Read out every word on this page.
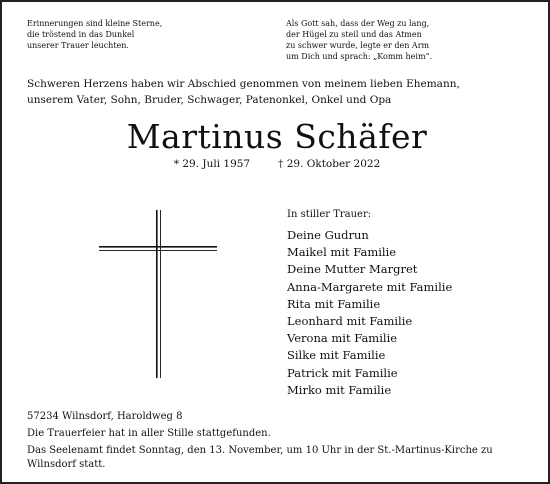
Erinnerungen sind kleine Sterne,
die tröstend in das Dunkel
unserer Trauer leuchten.
Als Gott sah, dass der Weg zu lang,
der Hügel zu steil und das Atmen
zu schwer wurde, legte er den Arm
um Dich und sprach: „Komm heim“.
Schweren Herzens haben wir Abschied genommen von meinem lieben Ehemann,
unserem Vater, Sohn, Bruder, Schwager, Patenonkel, Onkel und Opa
Martinus Schäfer
* 29. Juli 1957	† 29. Oktober 2022
In stiller Trauer:
Deine Gudrun
Maikel mit Familie
Deine Mutter Margret
Anna-Margarete mit Familie
Rita mit Familie
Leonhard mit Familie
Verona mit Familie
Silke mit Familie
Patrick mit Familie
Mirko mit Familie
57234 Wilnsdorf, Haroldweg 8
Die Trauerfeier hat in aller Stille stattgefunden.
Das Seelenamt findet Sonntag, den 13. November, um 10 Uhr in der St.-Martinus-Kirche zu
Wilnsdorf statt.
